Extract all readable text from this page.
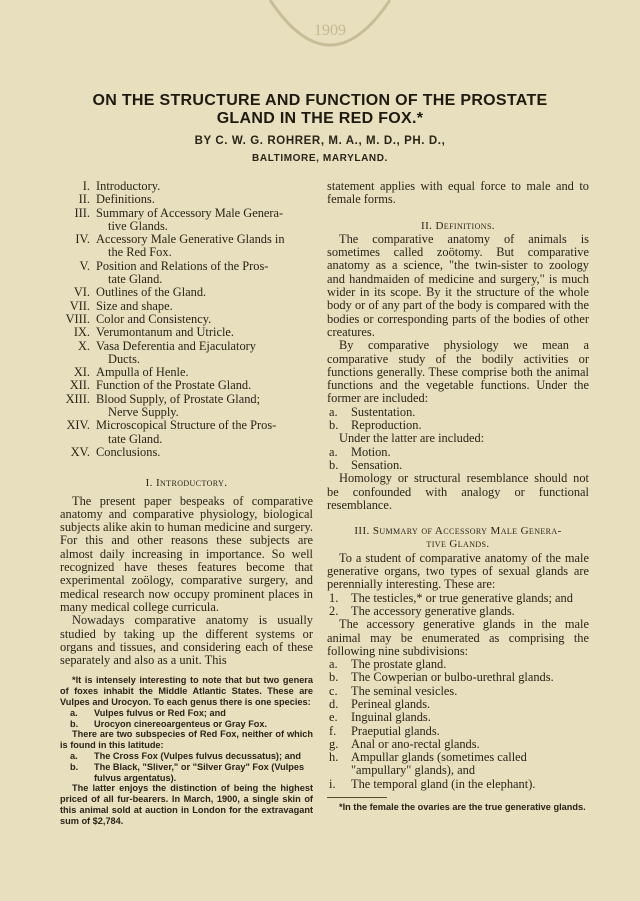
1909
ON THE STRUCTURE AND FUNCTION OF THE PROSTATE
GLAND IN THE RED FOX.*
BY C. W. G. ROHRER, M. A., M. D., PH. D.,
BALTIMORE, MARYLAND.
I. Introductory.
II. Definitions.
III. Summary of Accessory Male Genera-

tive Glands.
IV. Accessory Male Generative Glands in

the Red Fox.
V. Position and Relations of the Pros-

tate Gland.
VI. Outlines of the Gland.
VII. Size and shape.
VIII. Color and Consistency.
IX. Verumontanum and Utricle.
X. Vasa Deferentia and Ejaculatory

Ducts.
XI. Ampulla of Henle.
XII. Function of the Prostate Gland.
XIII. Blood Supply, of Prostate Gland;

Nerve Supply.
XIV. Microscopical Structure of the Pros-

tate Gland.
XV. Conclusions.

I. Introductory.

The present paper bespeaks of comparative anatomy and comparative physiology, biological subjects alike akin to human medicine and surgery. For this and other reasons these subjects are almost daily increasing in importance. So well recognized have theses features become that experimental zoölogy, comparative surgery, and medical research now occupy prominent places in many medical college curricula.

Nowadays comparative anatomy is usually studied by taking up the different systems or organs and tissues, and considering each of these separately and also as a unit. This

*It is intensely interesting to note that but two genera of foxes inhabit the Middle Atlantic States. These are Vulpes and Urocyon. To each genus there is one species:

a.	Vulpes fulvus or Red Fox; and
b.	Urocyon cinereoargenteus or Gray Fox.

There are two subspecies of Red Fox, neither of which is found in this latitude:

a.	The Cross Fox (Vulpes fulvus decussatus); and
b.	The Black, "Sliver," or "Silver Gray" Fox (Vulpes fulvus argentatus).

The latter enjoys the distinction of being the highest priced of all fur-bearers. In March, 1900, a single skin of this animal sold at auction in London for the extravagant sum of $2,784.

statement applies with equal force to male and to female forms.

II. Definitions.

The comparative anatomy of animals is sometimes called zoötomy. But comparative anatomy as a science, "the twin-sister to zoology and handmaiden of medicine and surgery," is much wider in its scope. By it the structure of the whole body or of any part of the body is compared with the bodies or corresponding parts of the bodies of other creatures.

By comparative physiology we mean a comparative study of the bodily activities or functions generally. These comprise both the animal functions and the vegetable functions. Under the former are included:

a.	Sustentation.
b.	Reproduction.

Under the latter are included:

a.	Motion.
b.	Sensation.

Homology or structural resemblance should not be confounded with analogy or functional resemblance.

III. Summary of Accessory Male Genera-
tive Glands.

To a student of comparative anatomy of the male generative organs, two types of sexual glands are perennially interesting. These are:

1.	The testicles,* or true generative glands; and
2.	The accessory generative glands.

The accessory generative glands in the male animal may be enumerated as comprising the following nine subdivisions:

a.	The prostate gland.
b.	The Cowperian or bulbo-urethral glands.
c.	The seminal vesicles.
d.	Perineal glands.
e.	Inguinal glands.
f.	Praeputial glands.
g.	Anal or ano-rectal glands.
h.	Ampullar glands (sometimes called "ampullary" glands), and
i.	The temporal gland (in the elephant).

*In the female the ovaries are the true generative glands.
